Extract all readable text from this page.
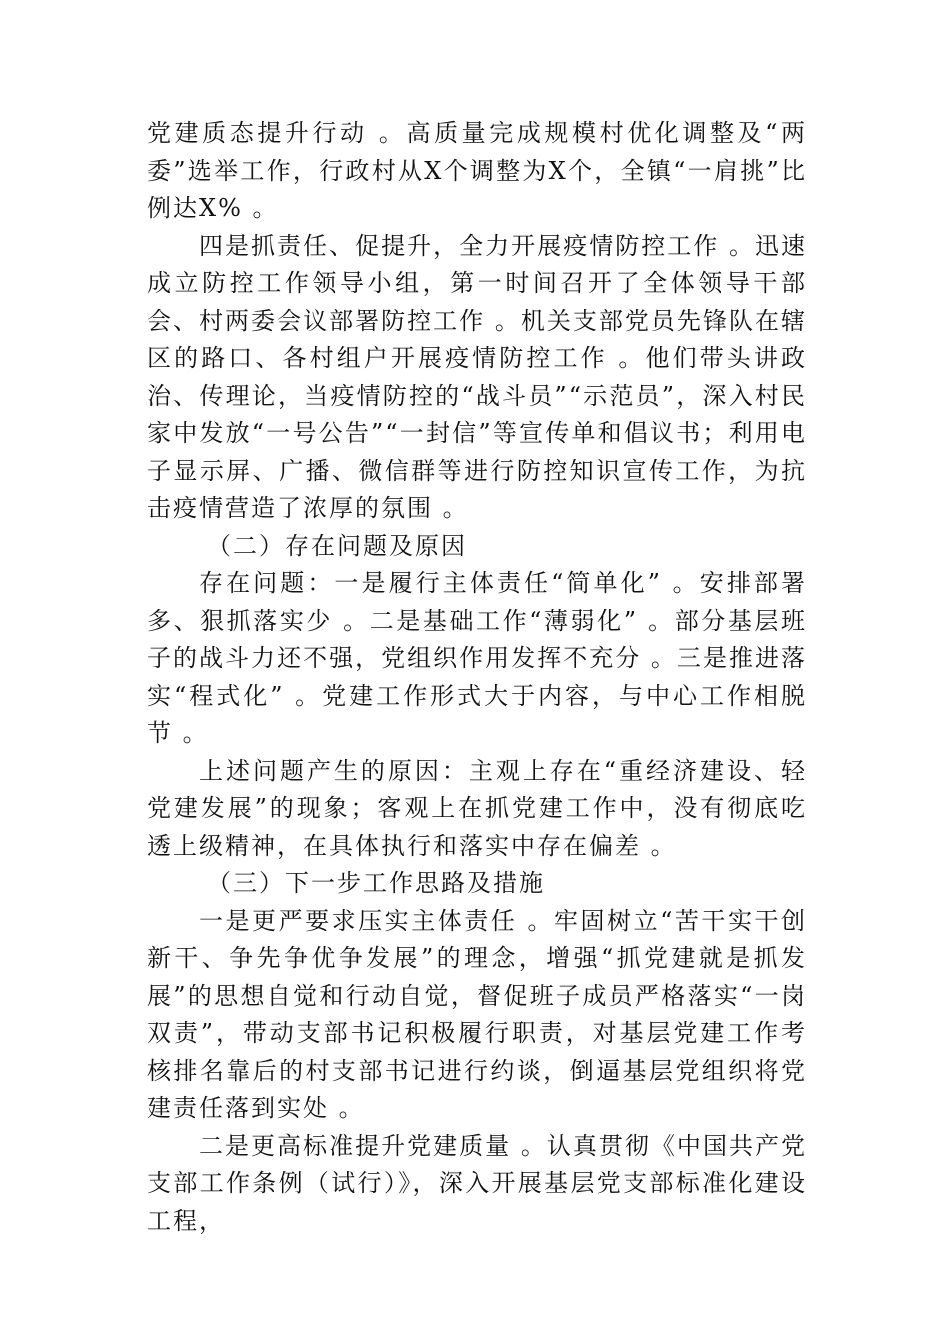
党建质态提升行动 。高质量完成规模村优化调整及“两委”选举工作，行政村从X个调整为X个，全镇“一肩挑”比例达X% 。

四是抓责任、促提升，全力开展疫情防控工作 。迅速成立防控工作领导小组，第一时间召开了全体领导干部会、村两委会议部署防控工作 。机关支部党员先锋队在辖区的路口、各村组户开展疫情防控工作 。他们带头讲政治、传理论，当疫情防控的“战斗员”“示范员”，深入村民家中发放“一号公告”“一封信”等宣传单和倡议书；利用电子显示屏、广播、微信群等进行防控知识宣传工作，为抗击疫情营造了浓厚的氛围 。

（二）存在问题及原因

存在问题：一是履行主体责任“简单化” 。安排部署多、狠抓落实少 。二是基础工作“薄弱化” 。部分基层班子的战斗力还不强，党组织作用发挥不充分 。三是推进落实“程式化” 。党建工作形式大于内容，与中心工作相脱节 。

上述问题产生的原因：主观上存在“重经济建设、轻党建发展”的现象；客观上在抓党建工作中，没有彻底吃透上级精神，在具体执行和落实中存在偏差 。

（三）下一步工作思路及措施

一是更严要求压实主体责任 。牢固树立“苦干实干创新干、争先争优争发展”的理念，增强“抓党建就是抓发展”的思想自觉和行动自觉，督促班子成员严格落实“一岗双责”，带动支部书记积极履行职责，对基层党建工作考核排名靠后的村支部书记进行约谈，倒逼基层党组织将党建责任落到实处 。

二是更高标准提升党建质量 。认真贯彻《中国共产党支部工作条例（试行）》，深入开展基层党支部标准化建设工程，
